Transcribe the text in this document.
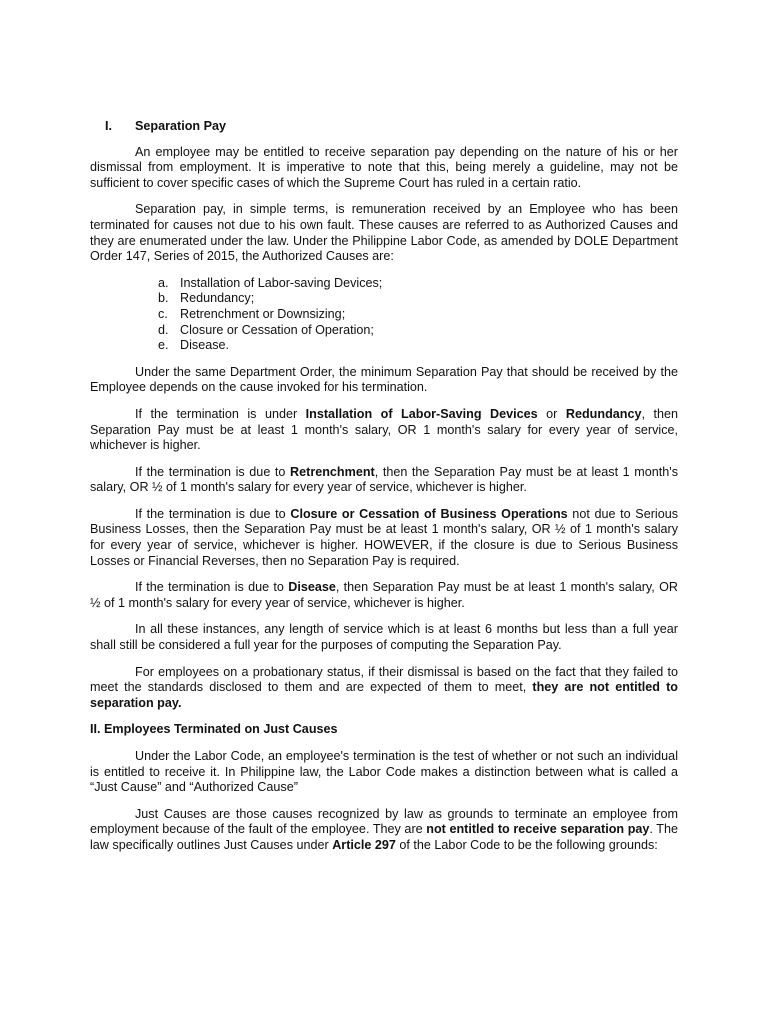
I. Separation Pay

An employee may be entitled to receive separation pay depending on the nature of his or her dismissal from employment. It is imperative to note that this, being merely a guideline, may not be sufficient to cover specific cases of which the Supreme Court has ruled in a certain ratio.

Separation pay, in simple terms, is remuneration received by an Employee who has been terminated for causes not due to his own fault. These causes are referred to as Authorized Causes and they are enumerated under the law. Under the Philippine Labor Code, as amended by DOLE Department Order 147, Series of 2015, the Authorized Causes are:

a. Installation of Labor-saving Devices;
b. Redundancy;
c. Retrenchment or Downsizing;
d. Closure or Cessation of Operation;
e. Disease.

Under the same Department Order, the minimum Separation Pay that should be received by the Employee depends on the cause invoked for his termination.

If the termination is under Installation of Labor-Saving Devices or Redundancy, then Separation Pay must be at least 1 month's salary, OR 1 month's salary for every year of service, whichever is higher.

If the termination is due to Retrenchment, then the Separation Pay must be at least 1 month's salary, OR ½ of 1 month's salary for every year of service, whichever is higher.

If the termination is due to Closure or Cessation of Business Operations not due to Serious Business Losses, then the Separation Pay must be at least 1 month's salary, OR ½ of 1 month's salary for every year of service, whichever is higher. HOWEVER, if the closure is due to Serious Business Losses or Financial Reverses, then no Separation Pay is required.

If the termination is due to Disease, then Separation Pay must be at least 1 month's salary, OR ½ of 1 month's salary for every year of service, whichever is higher.

In all these instances, any length of service which is at least 6 months but less than a full year shall still be considered a full year for the purposes of computing the Separation Pay.

For employees on a probationary status, if their dismissal is based on the fact that they failed to meet the standards disclosed to them and are expected of them to meet, they are not entitled to separation pay.

II. Employees Terminated on Just Causes

Under the Labor Code, an employee's termination is the test of whether or not such an individual is entitled to receive it. In Philippine law, the Labor Code makes a distinction between what is called a “Just Cause” and “Authorized Cause”

Just Causes are those causes recognized by law as grounds to terminate an employee from employment because of the fault of the employee. They are not entitled to receive separation pay. The law specifically outlines Just Causes under Article 297 of the Labor Code to be the following grounds:
